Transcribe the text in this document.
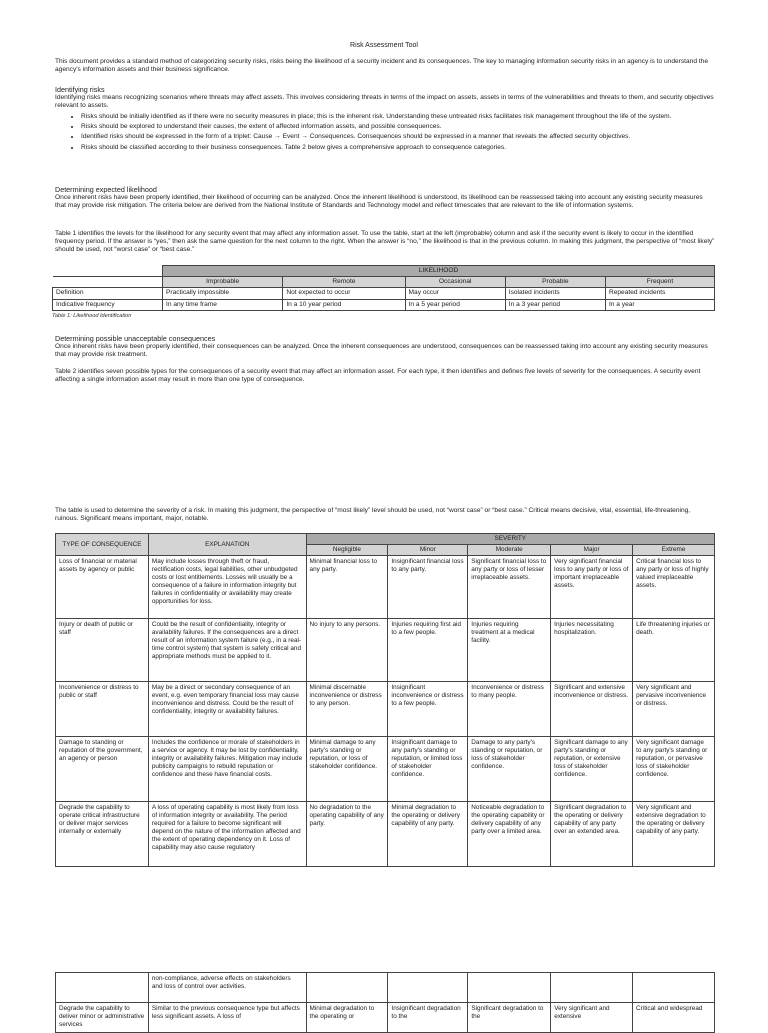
Risk Assessment Tool
This document provides a standard method of categorizing security risks, risks being the likelihood of a security incident and its consequences. The key to managing information security risks in an agency is to understand the agency's information assets and their business significance.
Identifying risks
Identifying risks means recognizing scenarios where threats may affect assets. This involves considering threats in terms of the impact on assets, assets in terms of the vulnerabilities and threats to them, and security objectives relevant to assets.
• Risks should be initially identified as if there were no security measures in place; this is the inherent risk. Understanding these untreated risks facilitates risk management throughout the life of the system.
• Risks should be explored to understand their causes, the extent of affected information assets, and possible consequences.
• Identified risks should be expressed in the form of a triplet: Cause → Event → Consequences. Consequences should be expressed in a manner that reveals the affected security objectives.
• Risks should be classified according to their business consequences. Table 2 below gives a comprehensive approach to consequence categories.
Determining expected likelihood
Once inherent risks have been properly identified, their likelihood of occurring can be analyzed. Once the inherent likelihood is understood, its likelihood can be reassessed taking into account any existing security measures that may provide risk mitigation. The criteria below are derived from the National Institute of Standards and Technology model and reflect timescales that are relevant to the life of information systems.
Table 1 identifies the levels for the likelihood for any security event that may affect any information asset. To use the table, start at the left (improbable) column and ask if the security event is likely to occur in the identified frequency period. If the answer is “yes,” then ask the same question for the next column to the right. When the answer is “no,” the likelihood is that in the previous column. In making this judgment, the perspective of “most likely” should be used, not “worst case” or “best case.”
	LIKELIHOOD				
	Improbable	Remote	Occasional	Probable	Frequent
Definition	Practically impossible	Not expected to occur	May occur	Isolated incidents	Repeated incidents
Indicative frequency	In any time frame	In a 10 year period	In a 5 year period	In a 3 year period	In a year
Table 1: Likelihood Identification
Determining possible unacceptable consequences
Once inherent risks have been properly identified, their consequences can be analyzed. Once the inherent consequences are understood, consequences can be reassessed taking into account any existing security measures that may provide risk treatment.
Table 2 identifies seven possible types for the consequences of a security event that may affect an information asset. For each type, it then identifies and defines five levels of severity for the consequences. A security event affecting a single information asset may result in more than one type of consequence.
The table is used to determine the severity of a risk. In making this judgment, the perspective of “most likely” level should be used, not “worst case” or “best case.” Critical means decisive, vital, essential, life-threatening, ruinous. Significant means important, major, notable.
TYPE OF CONSEQUENCE	EXPLANATION	SEVERITY				
		Negligible	Minor	Moderate	Major	Extreme
Loss of financial or material assets by agency or public	May include losses through theft or fraud, rectification costs, legal liabilities, other unbudgeted costs or lost entitlements. Losses will usually be a consequence of a failure in information integrity but failures in confidentiality or availability may create opportunities for loss.	Minimal financial loss to any party.	Insignificant financial loss to any party.	Significant financial loss to any party or loss of lesser irreplaceable assets.	Very significant financial loss to any party or loss of important irreplaceable assets.	Critical financial loss to any party or loss of highly valued irreplaceable assets.
Injury or death of public or staff	Could be the result of confidentiality, integrity or availability failures. If the consequences are a direct result of an information system failure (e.g., in a real-time control system) that system is safety critical and appropriate methods must be applied to it.	No injury to any persons.	Injuries requiring first aid to a few people.	Injuries requiring treatment at a medical facility.	Injuries necessitating hospitalization.	Life threatening injuries or death.
Inconvenience or distress to public or staff	May be a direct or secondary consequence of an event, e.g. even temporary financial loss may cause inconvenience and distress. Could be the result of confidentiality, integrity or availability failures.	Minimal discernable inconvenience or distress to any person.	Insignificant inconvenience or distress to a few people.	Inconvenience or distress to many people.	Significant and extensive inconvenience or distress.	Very significant and pervasive inconvenience or distress.
Damage to standing or reputation of the government, an agency or person	Includes the confidence or morale of stakeholders in a service or agency. It may be lost by confidentiality, integrity or availability failures. Mitigation may include publicity campaigns to rebuild reputation or confidence and these have financial costs.	Minimal damage to any party's standing or reputation, or loss of stakeholder confidence.	Insignificant damage to any party's standing or reputation, or limited loss of stakeholder confidence.	Damage to any party's standing or reputation, or loss of stakeholder confidence.	Significant damage to any party's standing or reputation, or extensive loss of stakeholder confidence.	Very significant damage to any party's standing or reputation, or pervasive loss of stakeholder confidence.
Degrade the capability to operate critical infrastructure or deliver major services internally or externally	A loss of operating capability is most likely from loss of information integrity or availability. The period required for a failure to become significant will depend on the nature of the information affected and the extent of operating dependency on it. Loss of capability may also cause regulatory	No degradation to the operating capability of any party.	Minimal degradation to the operating or delivery capability of any party.	Noticeable degradation to the operating capability or delivery capability of any party over a limited area.	Significant degradation to the operating or delivery capability of any party over an extended area.	Very significant and extensive degradation to the operating or delivery capability of any party.
	non-compliance, adverse effects on stakeholders and loss of control over activities.					
Degrade the capability to deliver minor or administrative services	Similar to the previous consequence type but affects less significant assets. A loss of	Minimal degradation to the operating or	Insignificant degradation to the	Significant degradation to the	Very significant and extensive	Critical and widespread
